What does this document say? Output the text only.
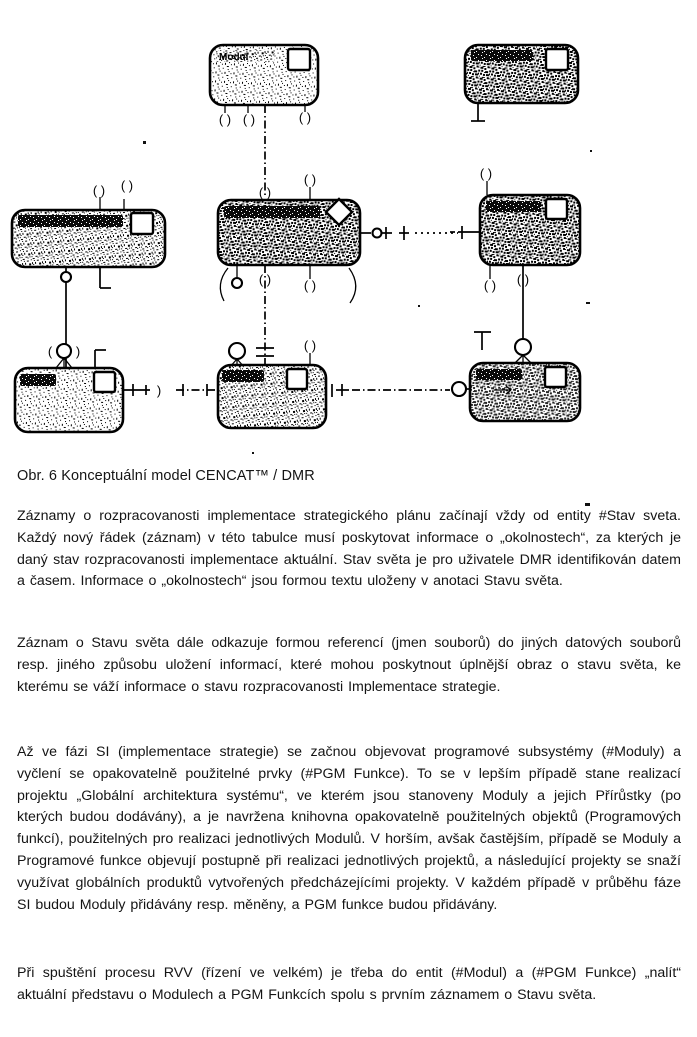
)
( ) ( )	( )
( ) ( )
( )
( )
( )
( )	( )
( )
( ) ( )
( )
Modul
Obr. 6 Konceptuální model CENCAT™ / DMR

Záznamy o rozpracovanosti implementace strategického plánu začínají vždy od entity #Stav sveta. Každý nový řádek (záznam) v této tabulce musí poskytovat informace o „okolnostech“, za kterých je daný stav rozpracovanosti implementace aktuální. Stav světa je pro uživatele DMR identifikován datem a časem. Informace o „okolnostech“ jsou formou textu uloženy v anotaci Stavu světa.

Záznam o Stavu světa dále odkazuje formou referencí (jmen souborů) do jiných datových souborů resp. jiného způsobu uložení informací, které mohou poskytnout úplnější obraz o stavu světa, ke kterému se váží informace o stavu rozpracovanosti Implementace strategie.

Až ve fázi SI (implementace strategie) se začnou objevovat programové subsystémy (#Moduly) a vyčlení se opakovatelně použitelné prvky (#PGM Funkce). To se v lepším případě stane realizací projektu „Globální architektura systému“, ve kterém jsou stanoveny Moduly a jejich Přírůstky (po kterých budou dodávány), a je navržena knihovna opakovatelně použitelných objektů (Programových funkcí), použitelných pro realizaci jednotlivých Modulů. V horším, avšak častějším, případě se Moduly a Programové funkce objevují postupně při realizaci jednotlivých projektů, a následující projekty se snaží využívat globálních produktů vytvořených předcházejícími projekty. V každém případě v průběhu fáze SI budou Moduly přidávány resp. měněny, a PGM funkce budou přidávány.

Při spuštění procesu RVV (řízení ve velkém) je třeba do entit (#Modul) a (#PGM Funkce) „nalít“ aktuální představu o Modulech a PGM Funkcích spolu s prvním záznamem o Stavu světa.
